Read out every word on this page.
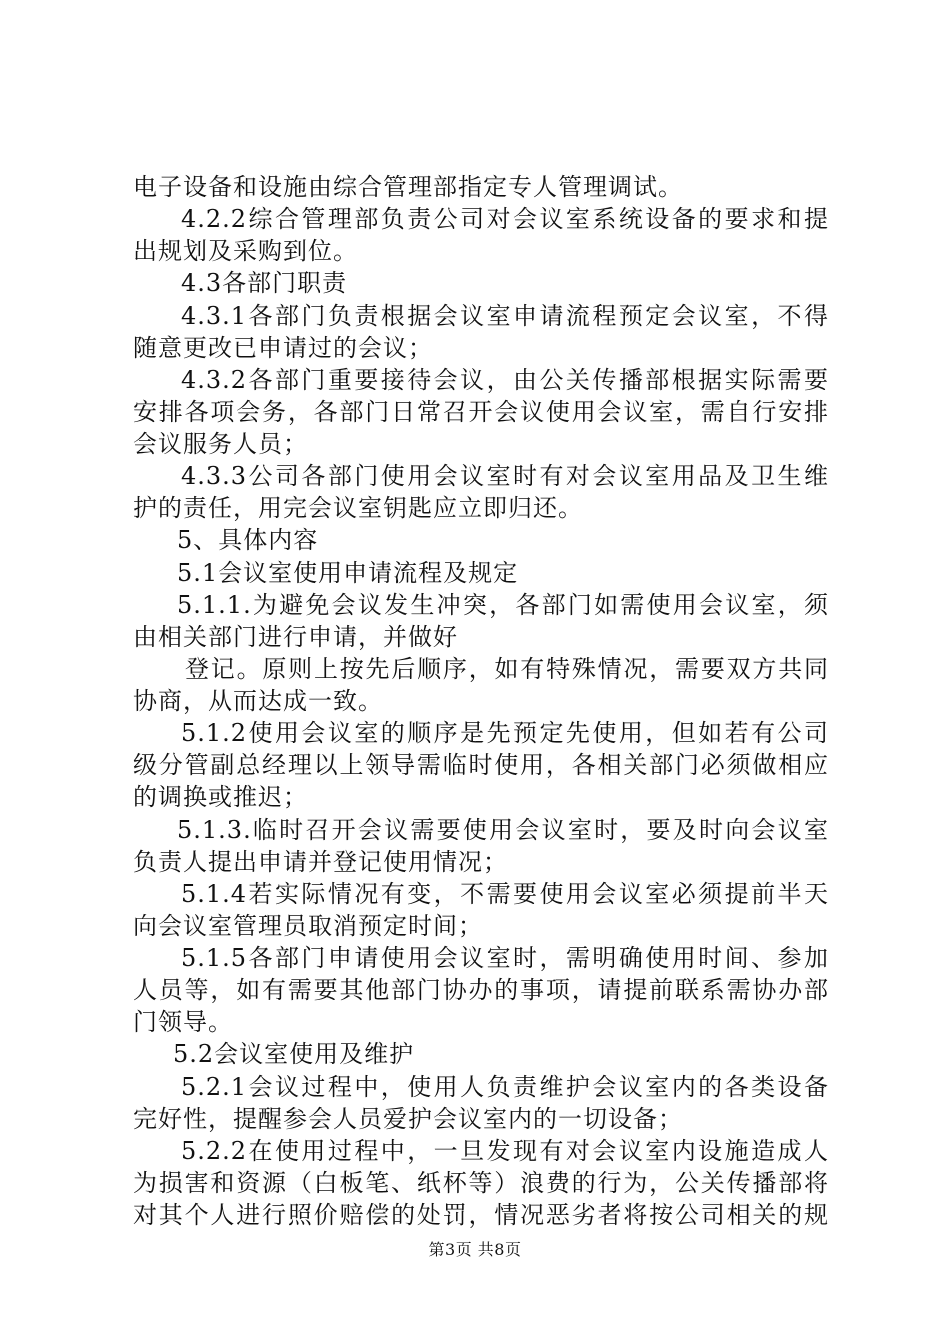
电子设备和设施由综合管理部指定专人管理调试。
4.2.2综合管理部负责公司对会议室系统设备的要求和提
出规划及采购到位。
4.3各部门职责
4.3.1各部门负责根据会议室申请流程预定会议室，不得
随意更改已申请过的会议；
4.3.2各部门重要接待会议，由公关传播部根据实际需要
安排各项会务，各部门日常召开会议使用会议室，需自行安排
会议服务人员；
4.3.3公司各部门使用会议室时有对会议室用品及卫生维
护的责任，用完会议室钥匙应立即归还。
5、具体内容
5.1会议室使用申请流程及规定
5.1.1.为避免会议发生冲突，各部门如需使用会议室，须
由相关部门进行申请，并做好
登记。原则上按先后顺序，如有特殊情况，需要双方共同
协商，从而达成一致。
5.1.2使用会议室的顺序是先预定先使用，但如若有公司
级分管副总经理以上领导需临时使用，各相关部门必须做相应
的调换或推迟；
5.1.3.临时召开会议需要使用会议室时，要及时向会议室
负责人提出申请并登记使用情况；
5.1.4若实际情况有变，不需要使用会议室必须提前半天
向会议室管理员取消预定时间；
5.1.5各部门申请使用会议室时，需明确使用时间、参加
人员等，如有需要其他部门协办的事项，请提前联系需协办部
门领导。
5.2会议室使用及维护
5.2.1会议过程中，使用人负责维护会议室内的各类设备
完好性，提醒参会人员爱护会议室内的一切设备；
5.2.2在使用过程中，一旦发现有对会议室内设施造成人
为损害和资源（白板笔、纸杯等）浪费的行为，公关传播部将
对其个人进行照价赔偿的处罚，情况恶劣者将按公司相关的规
第3页 共8页
